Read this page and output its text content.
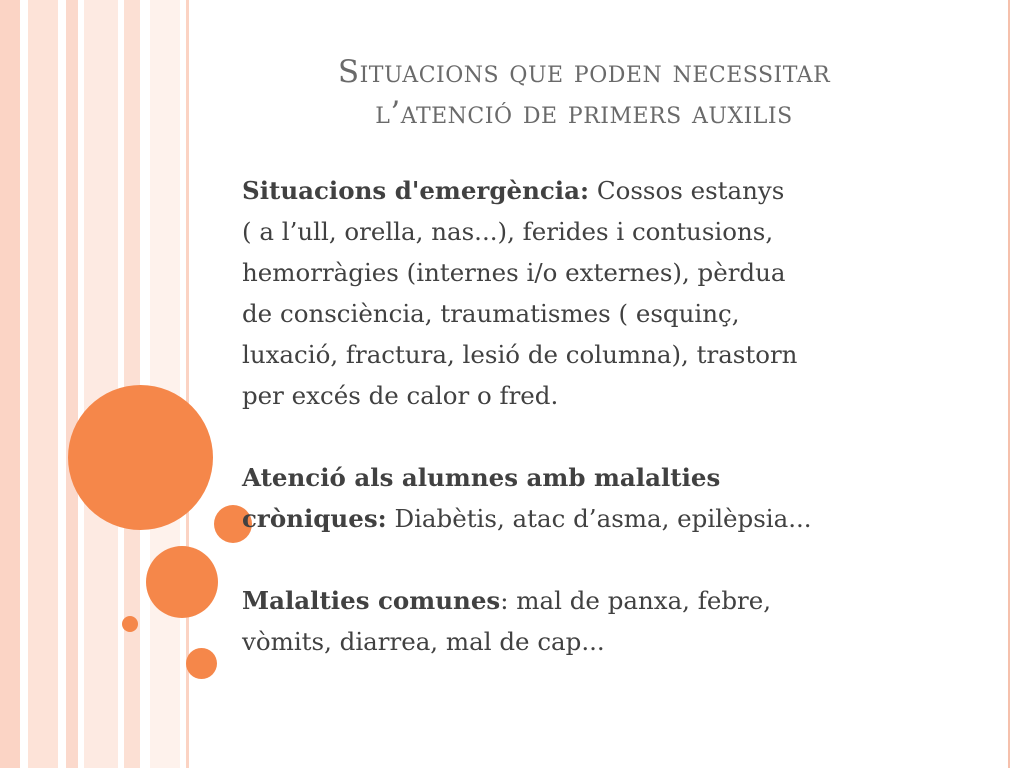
Situacions que poden necessitar
l’atenció de primers auxilis

Situacions d'emergència: Cossos estanys
( a l’ull, orella, nas...), ferides i contusions,
hemorràgies (internes i/o externes), pèrdua
de consciència, traumatismes ( esquinç,
luxació, fractura, lesió de columna), trastorn
per excés de calor o fred.

Atenció als alumnes amb malalties
cròniques: Diabètis, atac d’asma, epilèpsia...

Malalties comunes: mal de panxa, febre,
vòmits, diarrea, mal de cap...
